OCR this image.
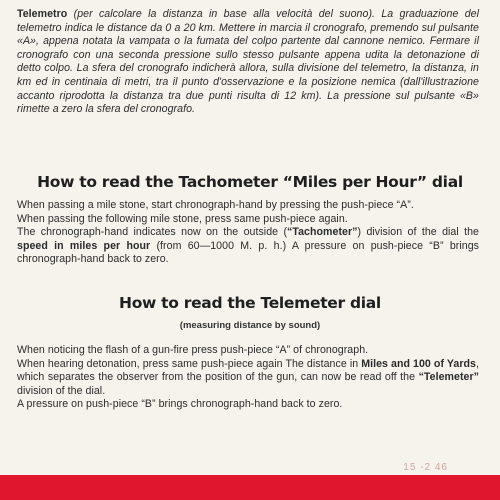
Telemetro (per calcolare la distanza in base alla velocità del suono). La graduazione del telemetro indica le distance da 0 a 20 km. Mettere in marcia il cronografo, premendo sul pulsante «A», appena notata la vampata o la fumata del colpo partente dal cannone nemico. Fermare il cronografo con una seconda pressione sullo stesso pulsante appena udita la detonazione di detto colpo. La sfera del cronografo indicherà allora, sulla divisione del telemetro, la distanza, in km ed in centinaia di metri, tra il punto d'osservazione e la posizione nemica (dall'illustrazione accanto riprodotta la distanza tra due punti risulta di 12 km). La pressione sul pulsante «B» rimette a zero la sfera del cronografo.
How to read the Tachometer “Miles per Hour” dial
When passing a mile stone, start chronograph-hand by pressing the push-piece “A”.
When passing the following mile stone, press same push-piece again.
The chronograph-hand indicates now on the outside (“Tachometer”) division of the dial the speed in miles per hour (from 60—1000 M. p. h.) A pressure on push-piece “B” brings chronograph-hand back to zero.
How to read the Telemeter dial
(measuring distance by sound)
When noticing the flash of a gun-fire press push-piece “A” of chronograph.
When hearing detonation, press same push-piece again The distance in Miles and 100 of Yards, which separates the observer from the position of the gun, can now be read off the “Telemeter” division of the dial.
A pressure on push-piece “B” brings chronograph-hand back to zero.
15 -2 46
